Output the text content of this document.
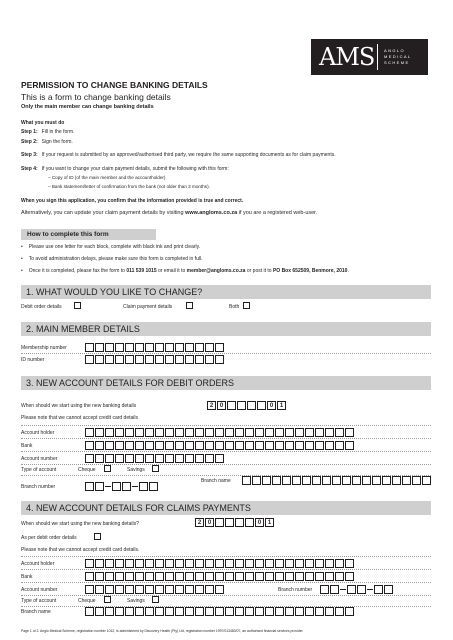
AMS	ANGLO
MEDICAL
SCHEME
PERMISSION TO CHANGE BANKING DETAILS
This is a form to change banking details
Only the main member can change banking details
What you must do
Step 1: Fill in the form.
Step 2: Sign the form.
Step 3: If your request is submitted by an approved/authorised third party, we require the same supporting documents as for claim payments.
Step 4: If you want to change your claim payment details, submit the following with this form:
– Copy of ID (of the main member and the accountholder)
– Bank statement/letter of confirmation from the bank (not older than 3 months).
When you sign this application, you confirm that the information provided is true and correct.
Alternatively, you can update your claim payment details by visiting www.angloms.co.za if you are a registered web-user.
How to complete this form
• Please use one letter for each block, complete with black ink and print clearly.
• To avoid administration delays, please make sure this form is completed in full.
• Once it is completed, please fax the form to 011 539 1015 or email it to member@angloms.co.za or post it to PO Box 652509, Benmore, 2010.
1. WHAT WOULD YOU LIKE TO CHANGE?
Debit order details	Claim payment details	Both
2. MAIN MEMBER DETAILS
Membership number
ID number
3. NEW ACCOUNT DETAILS FOR DEBIT ORDERS
When should we start using the new banking details	2	0	0	1
Please note that we cannot accept credit card details
Account holder
Bank
Account number
Type of account	Cheque	Savings
Branch number
Branch name
4. NEW ACCOUNT DETAILS FOR CLAIMS PAYMENTS
When should we start using the new banking details?	2	0	0	1
As per debit order details
Please note that we cannot accept credit card details.
Account holder
Bank
Account number	Branch number
Type of account	Cheque	Savings
Branch name
Page 1 of 2. Anglo Medical Scheme, registration number 1012, is administered by Discovery Health (Pty) Ltd, registration number 1997/013480/07, an authorised financial services provider
